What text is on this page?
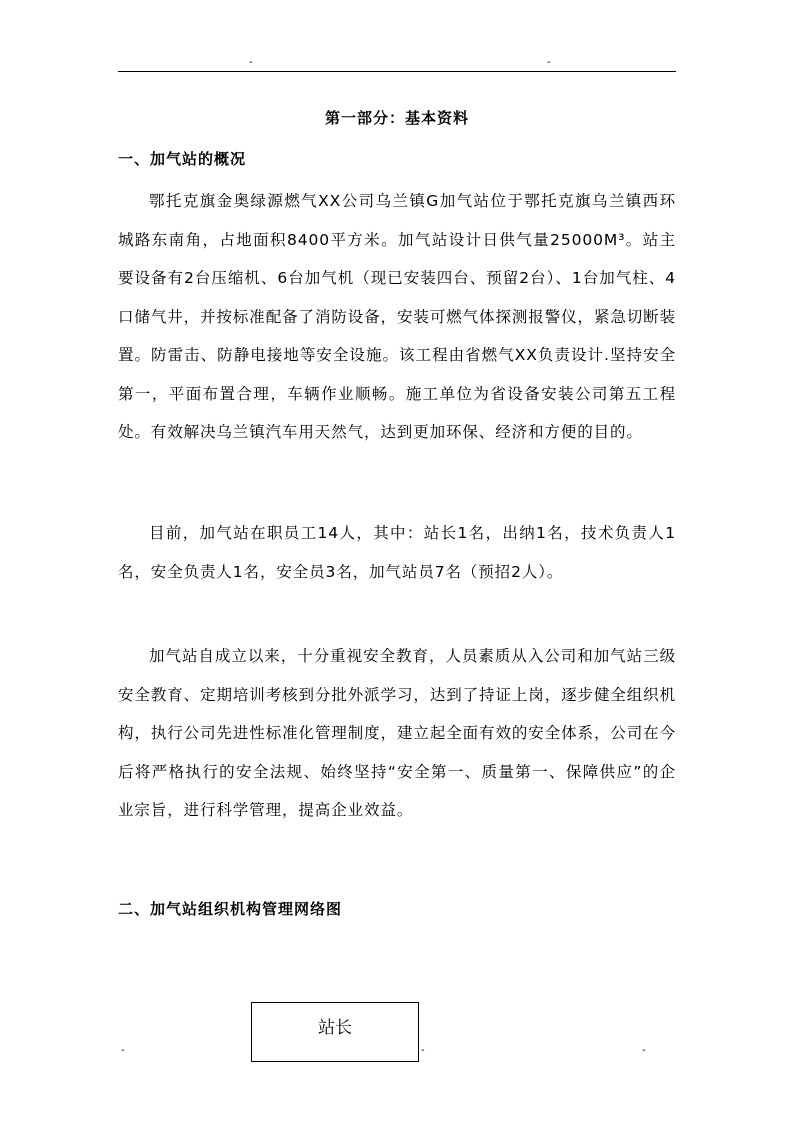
-	-
第一部分：基本资料
一、加气站的概况

鄂托克旗金奥绿源燃气XX公司乌兰镇G加气站位于鄂托克旗乌兰镇西环城路东南角，占地面积8400平方米。加气站设计日供气量25000M³。站主要设备有2台压缩机、6台加气机（现已安装四台、预留2台）、1台加气柱、4口储气井，并按标准配备了消防设备，安装可燃气体探测报警仪，紧急切断装置。防雷击、防静电接地等安全设施。该工程由省燃气XX负责设计.坚持安全第一，平面布置合理，车辆作业顺畅。施工单位为省设备安装公司第五工程处。有效解决乌兰镇汽车用天然气，达到更加环保、经济和方便的目的。

目前，加气站在职员工14人，其中：站长1名，出纳1名，技术负责人1名，安全负责人1名，安全员3名，加气站员7名（预招2人）。

加气站自成立以来，十分重视安全教育，人员素质从入公司和加气站三级安全教育、定期培训考核到分批外派学习，达到了持证上岗，逐步健全组织机构，执行公司先进性标准化管理制度，建立起全面有效的安全体系，公司在今后将严格执行的安全法规、始终坚持“安全第一、质量第一、保障供应”的企业宗旨，进行科学管理，提高企业效益。

二、加气站组织机构管理网络图
站长
-	-	-
